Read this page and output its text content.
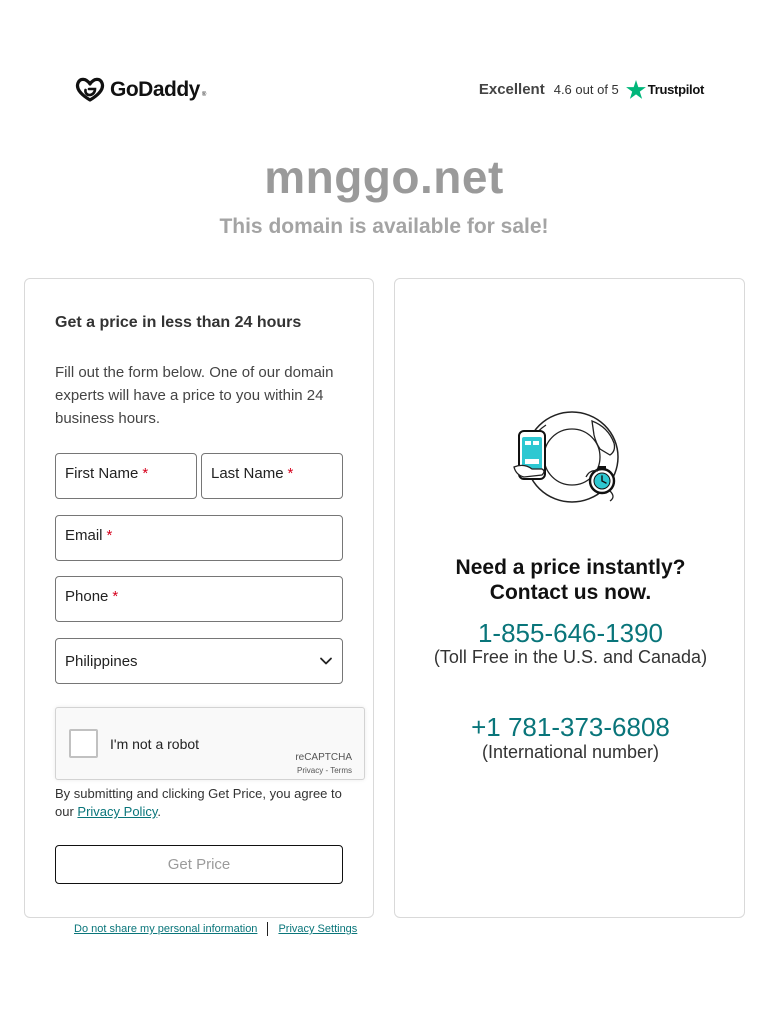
GoDaddy ®	Excellent 4.6 out of 5 Trustpilot
mnggo.net
This domain is available for sale!
Get a price in less than 24 hours
Fill out the form below. One of our domain experts will have a price to you within 24 business hours.
First Name *	Last Name *
Email *
Phone *
Philippines
I'm not a robot
reCAPTCHA
Privacy - Terms
By submitting and clicking Get Price, you agree to our Privacy Policy.
Get Price
Need a price instantly?
Contact us now.
1-855-646-1390
(Toll Free in the U.S. and Canada)
+1 781-373-6808
(International number)
Do not share my personal information Privacy Settings
